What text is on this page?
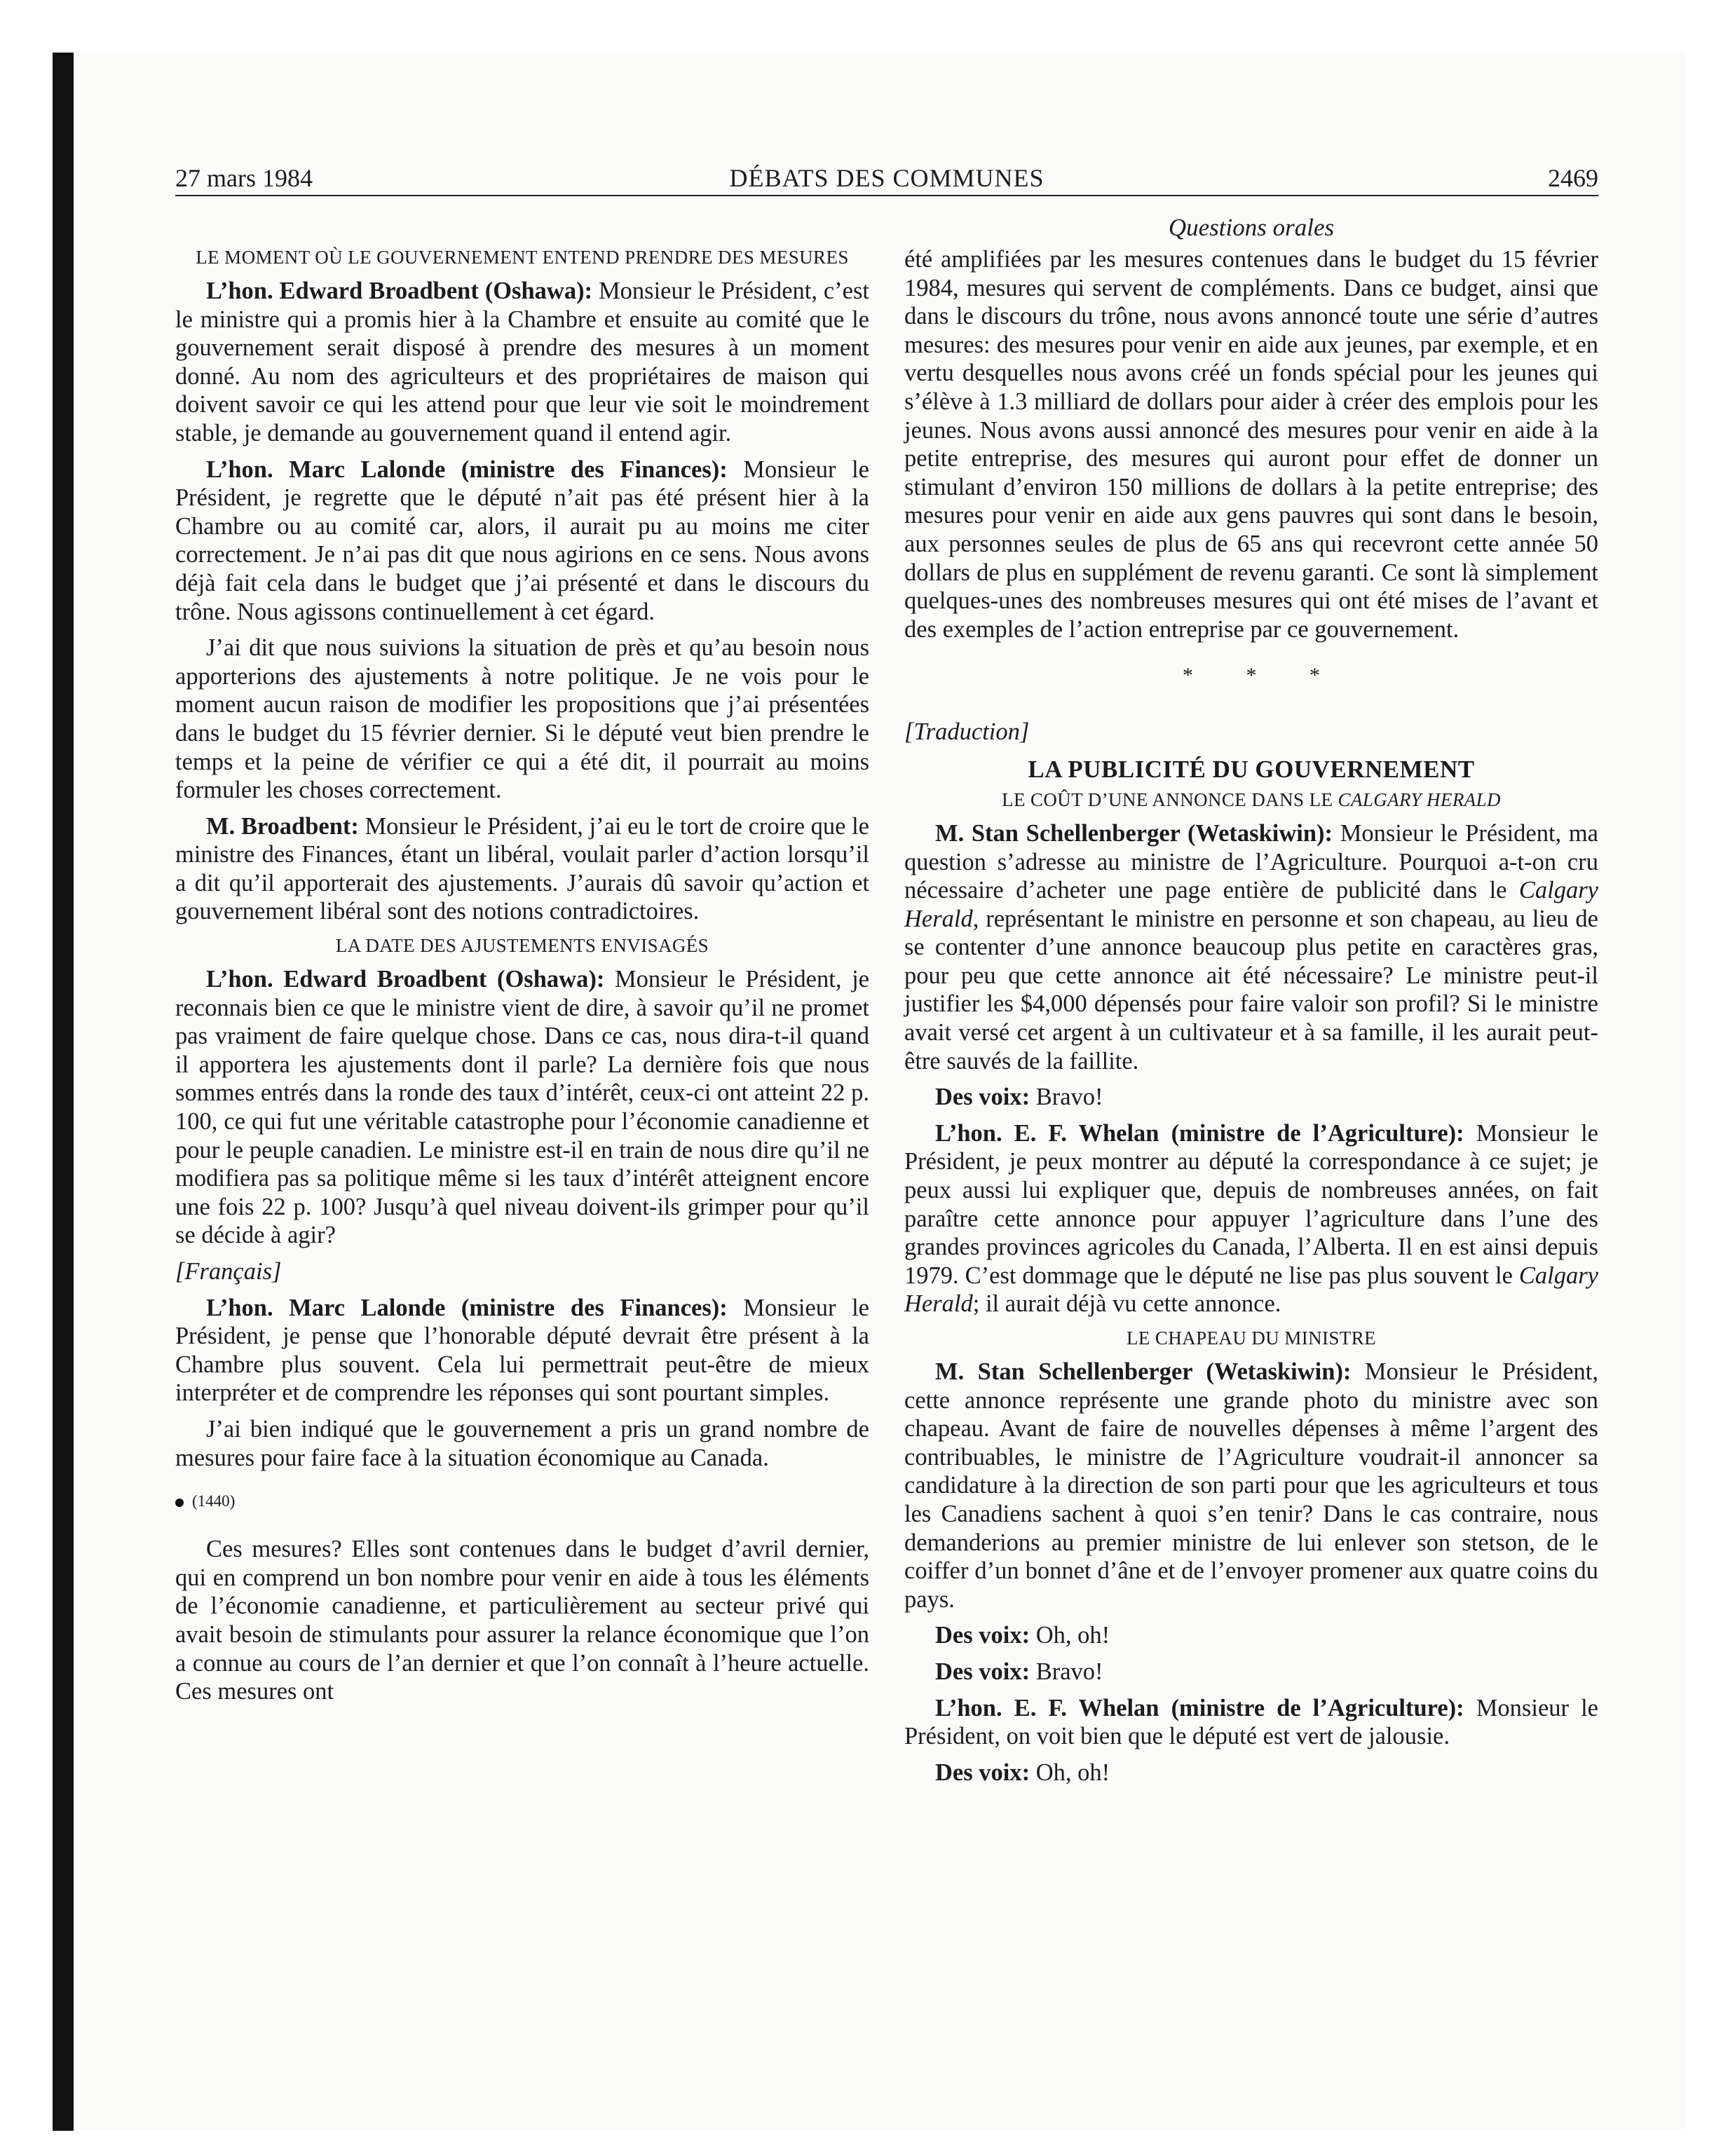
27 mars 1984	DÉBATS DES COMMUNES	2469
Questions orales
LE MOMENT OÙ LE GOUVERNEMENT ENTEND PRENDRE DES MESURES

L’hon. Edward Broadbent (Oshawa): Monsieur le Président, c’est le ministre qui a promis hier à la Chambre et ensuite au comité que le gouvernement serait disposé à prendre des mesures à un moment donné. Au nom des agriculteurs et des propriétaires de maison qui doivent savoir ce qui les attend pour que leur vie soit le moindrement stable, je demande au gouvernement quand il entend agir.

L’hon. Marc Lalonde (ministre des Finances): Monsieur le Président, je regrette que le député n’ait pas été présent hier à la Chambre ou au comité car, alors, il aurait pu au moins me citer correctement. Je n’ai pas dit que nous agirions en ce sens. Nous avons déjà fait cela dans le budget que j’ai présenté et dans le discours du trône. Nous agissons continuellement à cet égard.

J’ai dit que nous suivions la situation de près et qu’au besoin nous apporterions des ajustements à notre politique. Je ne vois pour le moment aucun raison de modifier les propositions que j’ai présentées dans le budget du 15 février dernier. Si le député veut bien prendre le temps et la peine de vérifier ce qui a été dit, il pourrait au moins formuler les choses correctement.

M. Broadbent: Monsieur le Président, j’ai eu le tort de croire que le ministre des Finances, étant un libéral, voulait parler d’action lorsqu’il a dit qu’il apporterait des ajustements. J’aurais dû savoir qu’action et gouvernement libéral sont des notions contradictoires.

LA DATE DES AJUSTEMENTS ENVISAGÉS

L’hon. Edward Broadbent (Oshawa): Monsieur le Président, je reconnais bien ce que le ministre vient de dire, à savoir qu’il ne promet pas vraiment de faire quelque chose. Dans ce cas, nous dira-t-il quand il apportera les ajustements dont il parle? La dernière fois que nous sommes entrés dans la ronde des taux d’intérêt, ceux-ci ont atteint 22 p. 100, ce qui fut une véritable catastrophe pour l’économie canadienne et pour le peuple canadien. Le ministre est-il en train de nous dire qu’il ne modifiera pas sa politique même si les taux d’intérêt atteignent encore une fois 22 p. 100? Jusqu’à quel niveau doivent-ils grimper pour qu’il se décide à agir?

[Français]

L’hon. Marc Lalonde (ministre des Finances): Monsieur le Président, je pense que l’honorable député devrait être présent à la Chambre plus souvent. Cela lui permettrait peut-être de mieux interpréter et de comprendre les réponses qui sont pourtant simples.

J’ai bien indiqué que le gouvernement a pris un grand nombre de mesures pour faire face à la situation économique au Canada.

(1440)

Ces mesures? Elles sont contenues dans le budget d’avril dernier, qui en comprend un bon nombre pour venir en aide à tous les éléments de l’économie canadienne, et particulièrement au secteur privé qui avait besoin de stimulants pour assurer la relance économique que l’on a connue au cours de l’an dernier et que l’on connaît à l’heure actuelle. Ces mesures ont

été amplifiées par les mesures contenues dans le budget du 15 février 1984, mesures qui servent de compléments. Dans ce budget, ainsi que dans le discours du trône, nous avons annoncé toute une série d’autres mesures: des mesures pour venir en aide aux jeunes, par exemple, et en vertu desquelles nous avons créé un fonds spécial pour les jeunes qui s’élève à 1.3 milliard de dollars pour aider à créer des emplois pour les jeunes. Nous avons aussi annoncé des mesures pour venir en aide à la petite entreprise, des mesures qui auront pour effet de donner un stimulant d’environ 150 millions de dollars à la petite entreprise; des mesures pour venir en aide aux gens pauvres qui sont dans le besoin, aux personnes seules de plus de 65 ans qui recevront cette année 50 dollars de plus en supplément de revenu garanti. Ce sont là simplement quelques-unes des nombreuses mesures qui ont été mises de l’avant et des exemples de l’action entreprise par ce gouvernement.

* * *

[Traduction]

LA PUBLICITÉ DU GOUVERNEMENT
LE COÛT D’UNE ANNONCE DANS LE CALGARY HERALD

M. Stan Schellenberger (Wetaskiwin): Monsieur le Président, ma question s’adresse au ministre de l’Agriculture. Pourquoi a-t-on cru nécessaire d’acheter une page entière de publicité dans le Calgary Herald, représentant le ministre en personne et son chapeau, au lieu de se contenter d’une annonce beaucoup plus petite en caractères gras, pour peu que cette annonce ait été nécessaire? Le ministre peut-il justifier les $4,000 dépensés pour faire valoir son profil? Si le ministre avait versé cet argent à un cultivateur et à sa famille, il les aurait peut-être sauvés de la faillite.

Des voix: Bravo!

L’hon. E. F. Whelan (ministre de l’Agriculture): Monsieur le Président, je peux montrer au député la correspondance à ce sujet; je peux aussi lui expliquer que, depuis de nombreuses années, on fait paraître cette annonce pour appuyer l’agriculture dans l’une des grandes provinces agricoles du Canada, l’Alberta. Il en est ainsi depuis 1979. C’est dommage que le député ne lise pas plus souvent le Calgary Herald; il aurait déjà vu cette annonce.

LE CHAPEAU DU MINISTRE

M. Stan Schellenberger (Wetaskiwin): Monsieur le Président, cette annonce représente une grande photo du ministre avec son chapeau. Avant de faire de nouvelles dépenses à même l’argent des contribuables, le ministre de l’Agriculture voudrait-il annoncer sa candidature à la direction de son parti pour que les agriculteurs et tous les Canadiens sachent à quoi s’en tenir? Dans le cas contraire, nous demanderions au premier ministre de lui enlever son stetson, de le coiffer d’un bonnet d’âne et de l’envoyer promener aux quatre coins du pays.

Des voix: Oh, oh!

Des voix: Bravo!

L’hon. E. F. Whelan (ministre de l’Agriculture): Monsieur le Président, on voit bien que le député est vert de jalousie.

Des voix: Oh, oh!
